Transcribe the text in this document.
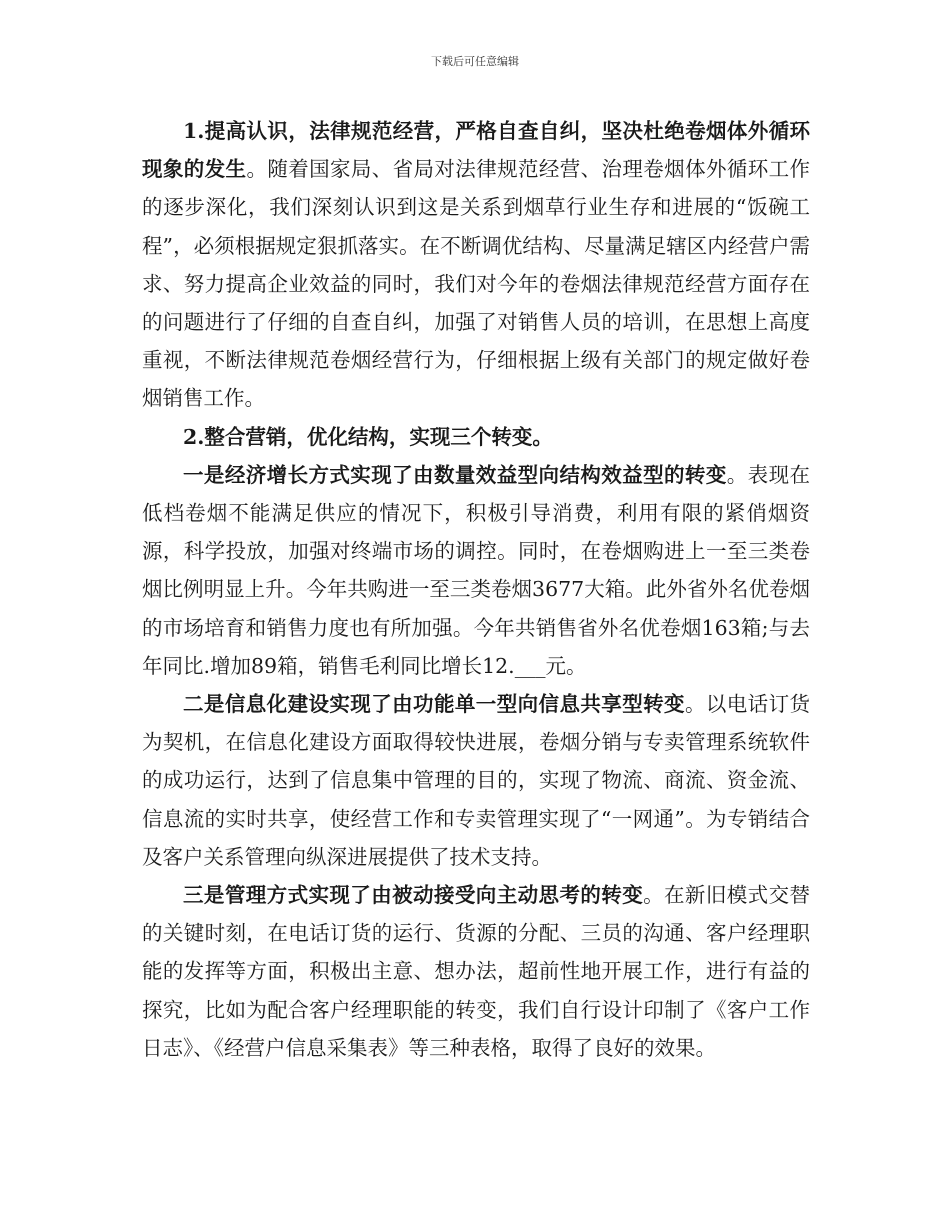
下载后可任意编辑

1.提高认识，法律规范经营，严格自查自纠，坚决杜绝卷烟体外循环现象的发生。随着国家局、省局对法律规范经营、治理卷烟体外循环工作的逐步深化，我们深刻认识到这是关系到烟草行业生存和进展的“饭碗工程”，必须根据规定狠抓落实。在不断调优结构、尽量满足辖区内经营户需求、努力提高企业效益的同时，我们对今年的卷烟法律规范经营方面存在的问题进行了仔细的自查自纠，加强了对销售人员的培训，在思想上高度重视，不断法律规范卷烟经营行为，仔细根据上级有关部门的规定做好卷烟销售工作。

2.整合营销，优化结构，实现三个转变。

一是经济增长方式实现了由数量效益型向结构效益型的转变。表现在低档卷烟不能满足供应的情况下，积极引导消费，利用有限的紧俏烟资源，科学投放，加强对终端市场的调控。同时，在卷烟购进上一至三类卷烟比例明显上升。今年共购进一至三类卷烟3677大箱。此外省外名优卷烟的市场培育和销售力度也有所加强。今年共销售省外名优卷烟163箱;与去年同比.增加89箱，销售毛利同比增长12.___元。

二是信息化建设实现了由功能单一型向信息共享型转变。以电话订货为契机，在信息化建设方面取得较快进展，卷烟分销与专卖管理系统软件的成功运行，达到了信息集中管理的目的，实现了物流、商流、资金流、信息流的实时共享，使经营工作和专卖管理实现了“一网通”。为专销结合及客户关系管理向纵深进展提供了技术支持。

三是管理方式实现了由被动接受向主动思考的转变。在新旧模式交替的关键时刻，在电话订货的运行、货源的分配、三员的沟通、客户经理职能的发挥等方面，积极出主意、想办法，超前性地开展工作，进行有益的探究，比如为配合客户经理职能的转变，我们自行设计印制了《客户工作日志》、《经营户信息采集表》等三种表格，取得了良好的效果。
